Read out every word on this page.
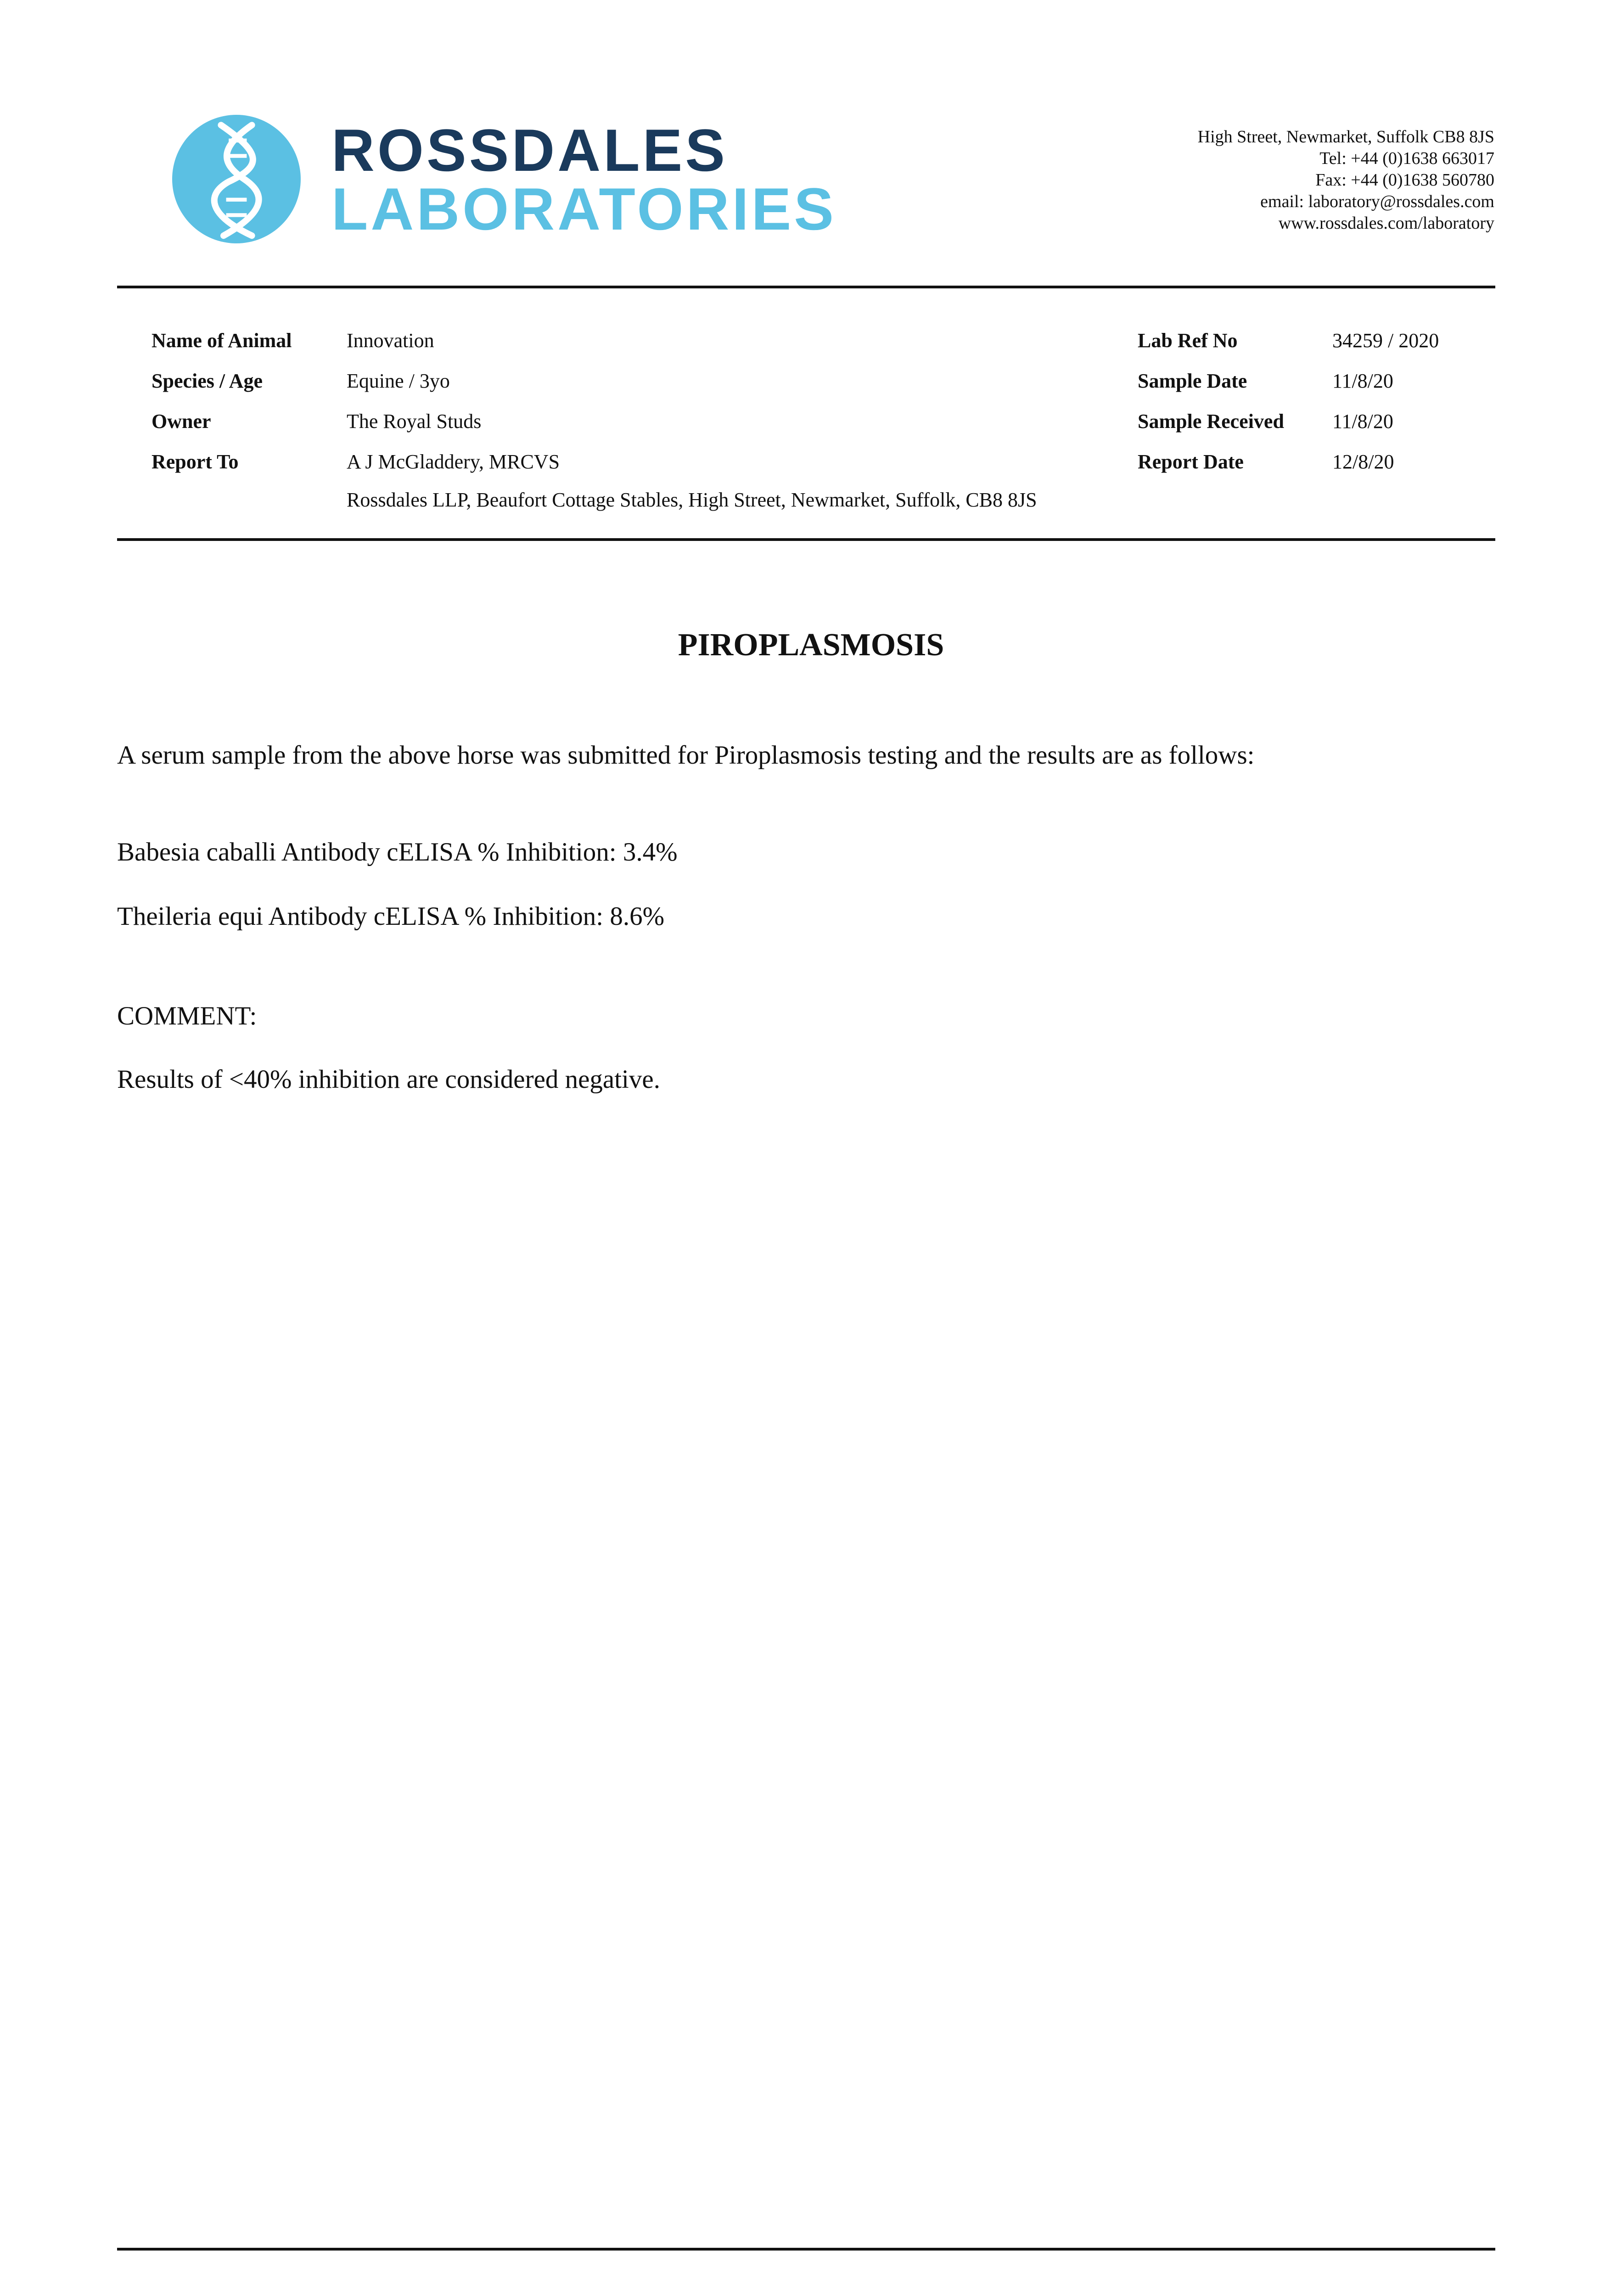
ROSSDALES
LABORATORIES
High Street, Newmarket, Suffolk CB8 8JS
Tel: +44 (0)1638 663017
Fax: +44 (0)1638 560780
email: laboratory@rossdales.com
www.rossdales.com/laboratory
Name of Animal	Innovation
Species / Age	Equine / 3yo
Owner	The Royal Studs
Report To	A J McGladdery, MRCVS
Rossdales LLP, Beaufort Cottage Stables, High Street, Newmarket, Suffolk, CB8 8JS
Lab Ref No	34259 / 2020
Sample Date	11/8/20
Sample Received 11/8/20
Report Date	12/8/20
PIROPLASMOSIS
A serum sample from the above horse was submitted for Piroplasmosis testing and the results are as follows:
Babesia caballi Antibody cELISA % Inhibition: 3.4%
Theileria equi Antibody cELISA % Inhibition: 8.6%
COMMENT:
Results of <40% inhibition are considered negative.
